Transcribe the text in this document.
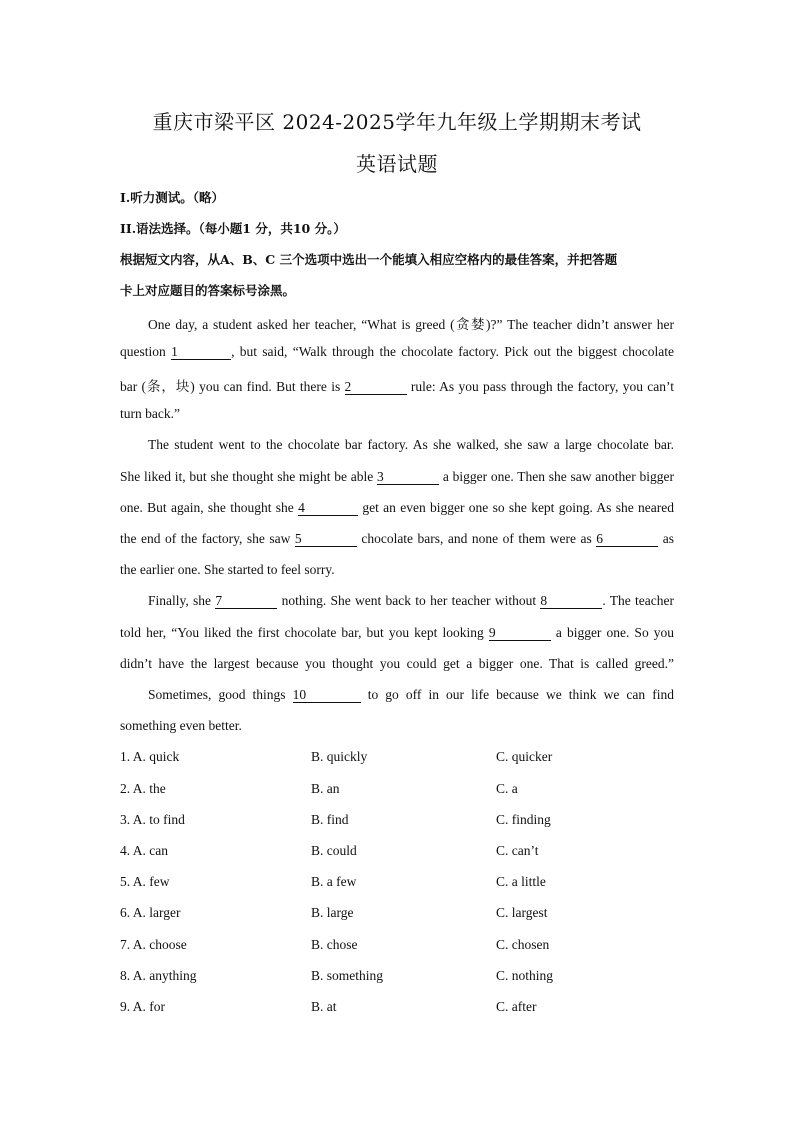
重庆市梁平区 2024-2025学年九年级上学期期末考试
英语试题
I.听力测试。（略）
II.语法选择。（每小题1 分，共10 分。）
根据短文内容，从A、B、C 三个选项中选出一个能填入相应空格内的最佳答案，并把答题
卡上对应题目的答案标号涂黑。
One day, a student asked her teacher, “What is greed (贪婪)?” The teacher didn’t answer her
question 1	, but said, “Walk through the chocolate factory. Pick out the biggest chocolate
bar (条，块) you can find. But there is 2	rule: As you pass through the factory, you can’t
turn back.”
The student went to the chocolate bar factory. As she walked, she saw a large chocolate bar.
She liked it, but she thought she might be able 3	a bigger one. Then she saw another bigger
one. But again, she thought she 4	get an even bigger one so she kept going. As she neared
the end of the factory, she saw 5	chocolate bars, and none of them were as 6	as
the earlier one. She started to feel sorry.
Finally, she 7	nothing. She went back to her teacher without 8	. The teacher
told her, “You liked the first chocolate bar, but you kept looking 9	a bigger one. So you
didn’t have the largest because you thought you could get a bigger one. That is called greed.”
Sometimes, good things 10	to go off in our life because we think we can find
something even better.
1. A. quick	B. quickly	C. quicker
2. A. the	B. an	C. a
3. A. to find	B. find	C. finding
4. A. can	B. could	C. can’t
5. A. few	B. a few	C. a little
6. A. larger	B. large	C. largest
7. A. choose	B. chose	C. chosen
8. A. anything	B. something	C. nothing
9. A. for	B. at	C. after
